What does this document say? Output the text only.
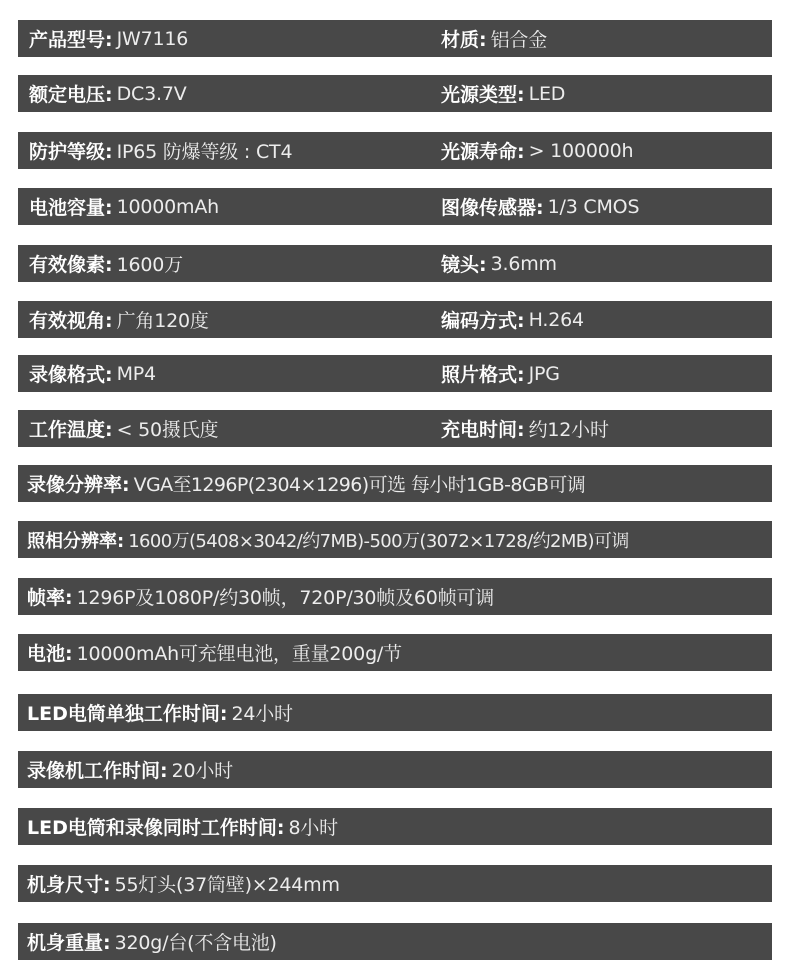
产品型号: JW7116	材质: 铝合金
额定电压: DC3.7V	光源类型: LED
防护等级: IP65 防爆等级 : CT4	光源寿命: > 100000h
电池容量: 10000mAh	图像传感器: 1/3 CMOS
有效像素: 1600万	镜头: 3.6mm
有效视角: 广角120度	编码方式: H.264
录像格式: MP4	照片格式: JPG
工作温度: < 50摄氏度	充电时间: 约12小时
录像分辨率: VGA至1296P(2304×1296)可选 每小时1GB-8GB可调
照相分辨率: 1600万(5408×3042/约7MB)-500万(3072×1728/约2MB)可调
帧率: 1296P及1080P/约30帧，720P/30帧及60帧可调
电池: 10000mAh可充锂电池，重量200g/节
LED电筒单独工作时间: 24小时
录像机工作时间: 20小时
LED电筒和录像同时工作时间: 8小时
机身尺寸: 55灯头(37筒壁)×244mm
机身重量: 320g/台(不含电池)
